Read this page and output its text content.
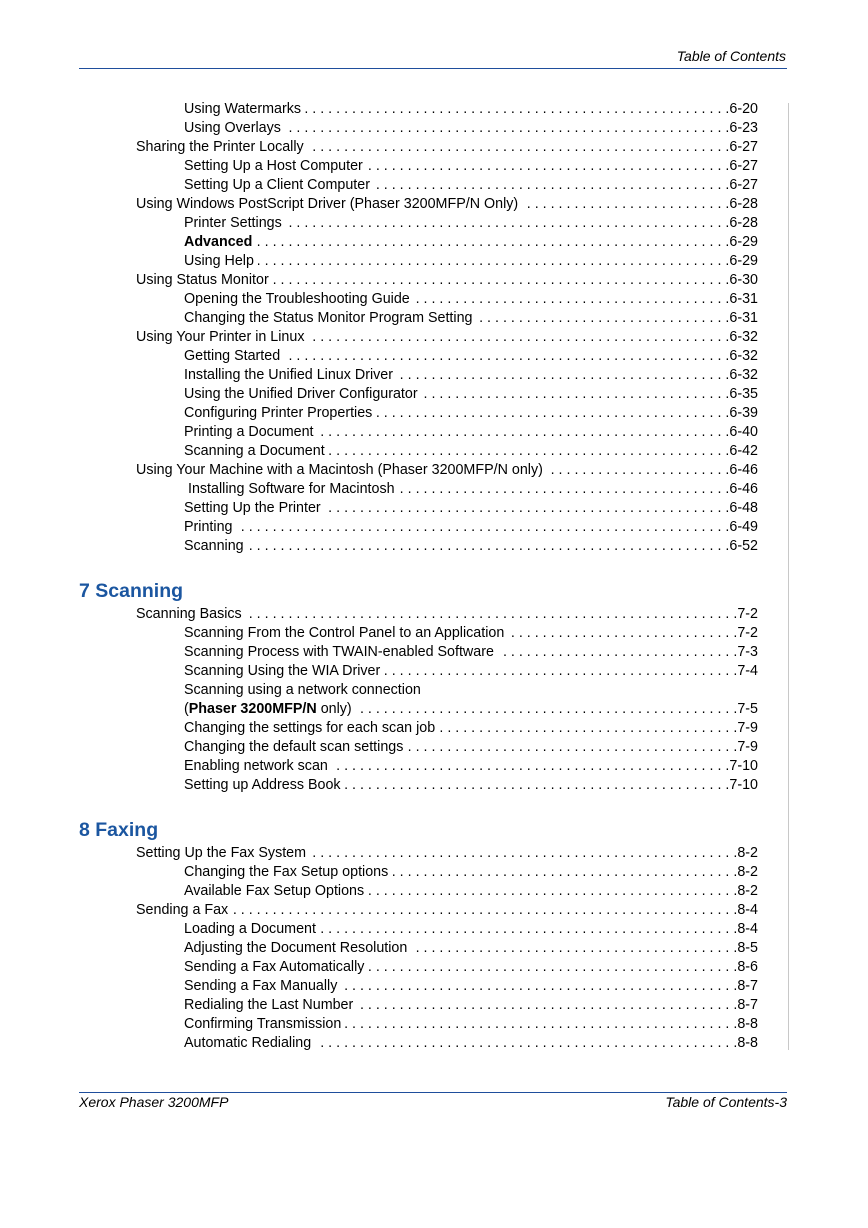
Table of Contents
Using Watermarks . . .	6-20
Using Overlays . . .	6-23
Sharing the Printer Locally . . .	6-27
Setting Up a Host Computer . . .	6-27
Setting Up a Client Computer . . .	6-27
Using Windows PostScript Driver (Phaser 3200MFP/N Only) . . .	6-28
Printer Settings . . .	6-28
Advanced . . .	6-29
Using Help . . .	6-29
Using Status Monitor . . .	6-30
Opening the Troubleshooting Guide . . .	6-31
Changing the Status Monitor Program Setting . . .	6-31
Using Your Printer in Linux . . .	6-32
Getting Started . . .	6-32
Installing the Unified Linux Driver . . .	6-32
Using the Unified Driver Configurator . . .	6-35
Configuring Printer Properties . . .	6-39
Printing a Document . . .	6-40
Scanning a Document . . .	6-42
Using Your Machine with a Macintosh (Phaser 3200MFP/N only) . . .	6-46
Installing Software for Macintosh . . .	6-46
Setting Up the Printer . . .	6-48
Printing . . .	6-49
Scanning . . .	6-52
7 Scanning
Scanning Basics . . .	7-2
Scanning From the Control Panel to an Application . . .	7-2
Scanning Process with TWAIN-enabled Software . . .	7-3
Scanning Using the WIA Driver . . .	7-4
Scanning using a network connection
(Phaser 3200MFP/N only) . . .	7-5
Changing the settings for each scan job . . .	7-9
Changing the default scan settings . . .	7-9
Enabling network scan . . .	7-10
Setting up Address Book . . .	7-10
8 Faxing
Setting Up the Fax System . . .	8-2
Changing the Fax Setup options . . .	8-2
Available Fax Setup Options . . .	8-2
Sending a Fax . . .	8-4
Loading a Document . . .	8-4
Adjusting the Document Resolution . . .	8-5
Sending a Fax Automatically . . .	8-6
Sending a Fax Manually . . .	8-7
Redialing the Last Number . . .	8-7
Confirming Transmission . . .	8-8
Automatic Redialing . . .	8-8
Xerox Phaser 3200MFP	Table of Contents-3
